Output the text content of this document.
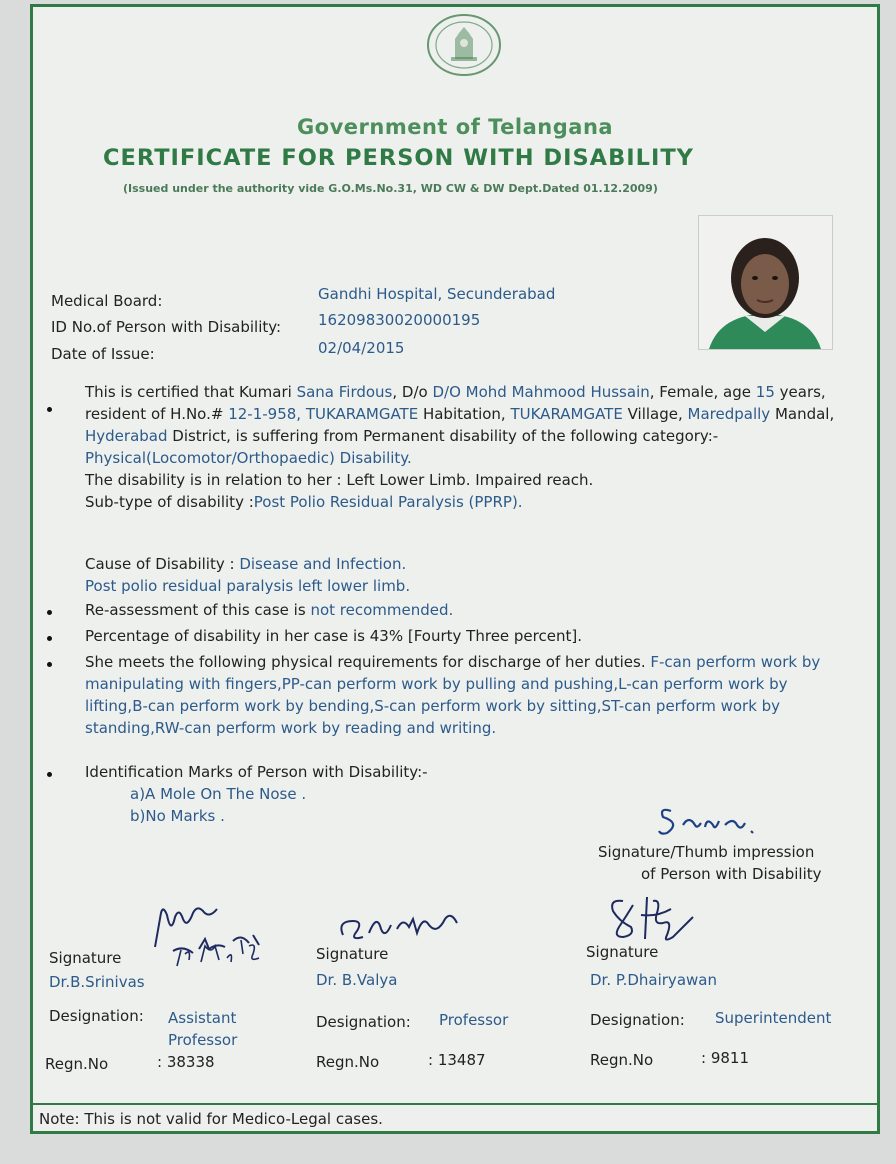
Government of Telangana
CERTIFICATE FOR PERSON WITH DISABILITY
(Issued under the authority vide G.O.Ms.No.31, WD CW & DW Dept.Dated 01.12.2009)
Medical Board:	Gandhi Hospital, Secunderabad
ID No.of Person with Disability: 16209830020000195
Date of Issue:	02/04/2015
This is certified that Kumari Sana Firdous, D/o D/O Mohd Mahmood Hussain, Female, age 15 years, resident of H.No.# 12-1-958, TUKARAMGATE Habitation, TUKARAMGATE Village, Maredpally Mandal, Hyderabad District, is suffering from Permanent disability of the following category:-
Physical(Locomotor/Orthopaedic) Disability.
The disability is in relation to her : Left Lower Limb. Impaired reach.
Sub-type of disability :Post Polio Residual Paralysis (PPRP).
Cause of Disability : Disease and Infection.
Post polio residual paralysis left lower limb.
Re-assessment of this case is not recommended.
Percentage of disability in her case is 43% [Fourty Three percent].
She meets the following physical requirements for discharge of her duties. F-can perform work by manipulating with fingers,PP-can perform work by pulling and pushing,L-can perform work by lifting,B-can perform work by bending,S-can perform work by sitting,ST-can perform work by standing,RW-can perform work by reading and writing.
Identification Marks of Person with Disability:-
a)A Mole On The Nose .
b)No Marks .
Signature/Thumb impression
of Person with Disability
Signature
Dr.B.Srinivas
Designation: Assistant Professor
Regn.No	: 38338
Signature
Dr. B.Valya
Designation: Professor
Regn.No	: 13487
Signature
Dr. P.Dhairyawan
Designation: Superintendent
Regn.No	: 9811
Note: This is not valid for Medico-Legal cases.
